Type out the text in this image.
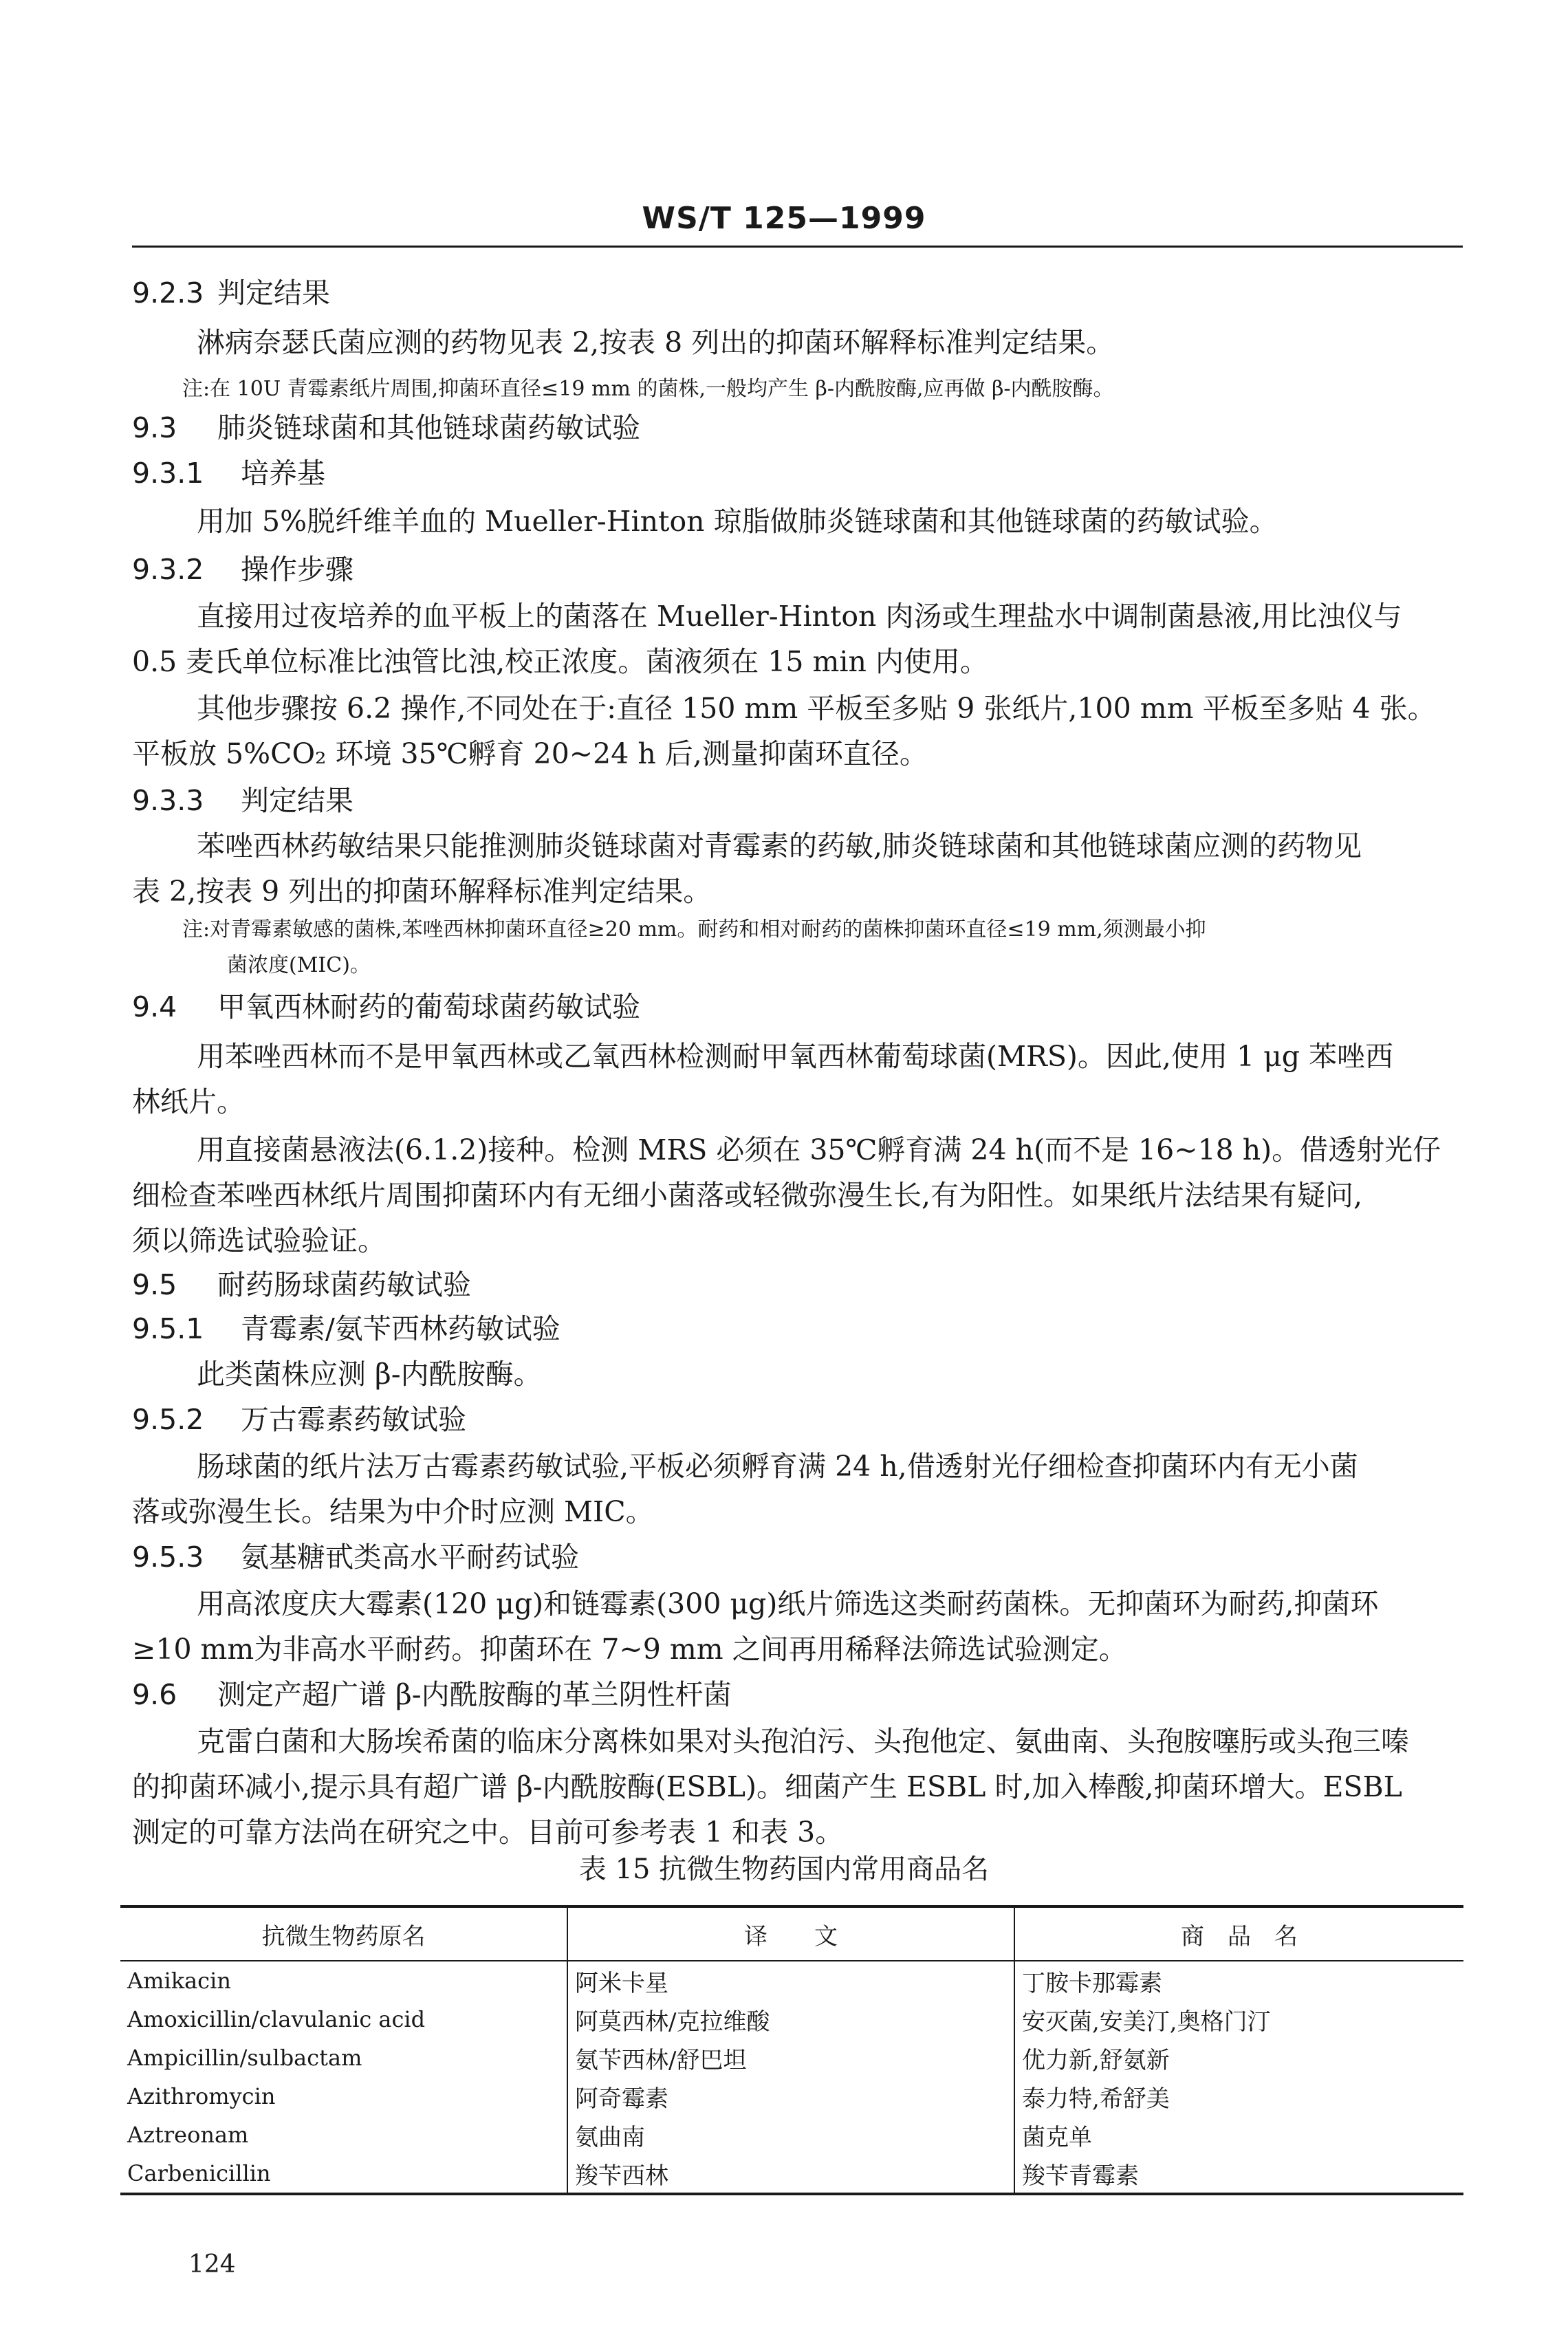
WS/T 125—1999
9.2.3 判定结果
淋病奈瑟氏菌应测的药物见表 2,按表 8 列出的抑菌环解释标准判定结果。
注:在 10U 青霉素纸片周围,抑菌环直径≤19 mm 的菌株,一般均产生 β-内酰胺酶,应再做 β-内酰胺酶。
9.3 肺炎链球菌和其他链球菌药敏试验
9.3.1 培养基
用加 5%脱纤维羊血的 Mueller-Hinton 琼脂做肺炎链球菌和其他链球菌的药敏试验。
9.3.2 操作步骤
直接用过夜培养的血平板上的菌落在 Mueller-Hinton 肉汤或生理盐水中调制菌悬液,用比浊仪与
0.5 麦氏单位标准比浊管比浊,校正浓度。菌液须在 15 min 内使用。
其他步骤按 6.2 操作,不同处在于:直径 150 mm 平板至多贴 9 张纸片,100 mm 平板至多贴 4 张。
平板放 5%CO₂ 环境 35℃孵育 20~24 h 后,测量抑菌环直径。
9.3.3 判定结果
苯唑西林药敏结果只能推测肺炎链球菌对青霉素的药敏,肺炎链球菌和其他链球菌应测的药物见
表 2,按表 9 列出的抑菌环解释标准判定结果。
注:对青霉素敏感的菌株,苯唑西林抑菌环直径≥20 mm。耐药和相对耐药的菌株抑菌环直径≤19 mm,须测最小抑
菌浓度(MIC)。
9.4 甲氧西林耐药的葡萄球菌药敏试验
用苯唑西林而不是甲氧西林或乙氧西林检测耐甲氧西林葡萄球菌(MRS)。因此,使用 1 μg 苯唑西
林纸片。
用直接菌悬液法(6.1.2)接种。检测 MRS 必须在 35℃孵育满 24 h(而不是 16~18 h)。借透射光仔
细检查苯唑西林纸片周围抑菌环内有无细小菌落或轻微弥漫生长,有为阳性。如果纸片法结果有疑问,
须以筛选试验验证。
9.5 耐药肠球菌药敏试验
9.5.1 青霉素/氨苄西林药敏试验
此类菌株应测 β-内酰胺酶。
9.5.2 万古霉素药敏试验
肠球菌的纸片法万古霉素药敏试验,平板必须孵育满 24 h,借透射光仔细检查抑菌环内有无小菌
落或弥漫生长。结果为中介时应测 MIC。
9.5.3 氨基糖甙类高水平耐药试验
用高浓度庆大霉素(120 μg)和链霉素(300 μg)纸片筛选这类耐药菌株。无抑菌环为耐药,抑菌环
≥10 mm为非高水平耐药。抑菌环在 7~9 mm 之间再用稀释法筛选试验测定。
9.6 测定产超广谱 β-内酰胺酶的革兰阴性杆菌
克雷白菌和大肠埃希菌的临床分离株如果对头孢泊污、头孢他定、氨曲南、头孢胺噻肟或头孢三嗪
的抑菌环减小,提示具有超广谱 β-内酰胺酶(ESBL)。细菌产生 ESBL 时,加入棒酸,抑菌环增大。ESBL
测定的可靠方法尚在研究之中。目前可参考表 1 和表 3。
表 15 抗微生物药国内常用商品名
抗微生物药原名	译　　文	商　品　名
Amikacin	阿米卡星	丁胺卡那霉素
Amoxicillin/clavulanic acid	阿莫西林/克拉维酸	安灭菌,安美汀,奥格门汀
Ampicillin/sulbactam	氨苄西林/舒巴坦	优力新,舒氨新
Azithromycin	阿奇霉素	泰力特,希舒美
Aztreonam	氨曲南	菌克单
Carbenicillin	羧苄西林	羧苄青霉素
124
